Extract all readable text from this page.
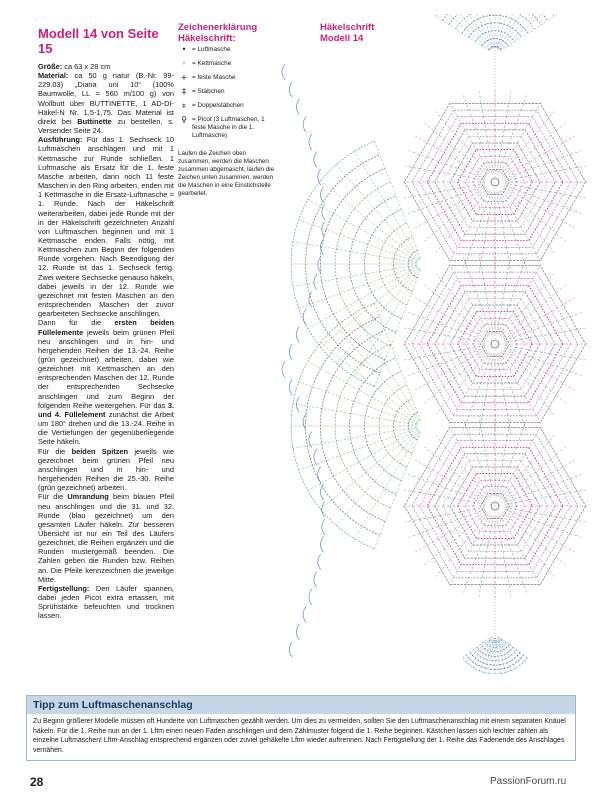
Modell 14 von Seite 15

Größe: ca 63 x 28 cm

Material: ca 50 g natur (B.-Nr. 99-229.03) „Diana uni 10“ (100% Baumwolle, LL = 560 m/100 g) von Wollbutt über BUTTINETTE, 1 AD-DI-Häkel-N Nr. 1,5-1,75. Das Material ist direkt bei Buttinette zu bestellen, s. Versender Seite 24.

Ausführung: Für das 1. Sechseck 10 Luftmaschen anschlagen und mit 1 Kettmasche zur Runde schließen. 1 Luftmasche als Ersatz für die 1. feste Masche arbeiten, dann noch 11 feste Maschen in den Ring arbeiten, enden mit 1 Kettmasche in die Ersatz-Luftmasche = 1. Runde. Nach der Häkelschrift weiterarbeiten, dabei jede Runde mit der in der Häkelschrift gezeichneten Anzahl von Luftmaschen beginnen und mit 1 Kettmasche enden. Falls nötig, mit Kettmaschen zum Beginn der folgenden Runde vorgehen. Nach Beendigung der 12. Runde ist das 1. Sechseck fertig. Zwei weitere Sechsecke genauso häkeln, dabei jeweils in der 12. Runde wie gezeichnet mit festen Maschen an den entsprechenden Maschen der zuvor gearbeiteten Sechsecke anschlingen.

Dann für die ersten beiden Füllelemente jeweils beim grünen Pfeil neu anschlingen und in hin- und hergehenden Reihen die 13.-24. Reihe (grün gezeichnet) arbeiten, dabei wie gezeichnet mit Kettmaschen an den entsprechenden Maschen der 12. Runde der entsprechenden Sechsecke anschlingen und zum Beginn der folgenden Reihe weitergehen. Für das 3. und 4. Füllelement zunächst die Arbeit um 180° drehen und die 13.-24. Reihe in die Vertiefungen der gegenüberliegende Seite häkeln.

Für die beiden Spitzen jeweils wie gezeichnet beim grünen Pfeil neu anschlingen und in hin- und hergehenden Reihen die 25.-30. Reihe (grün gezeichnet) arbeiten.

Für die Umrandung beim blauen Pfeil neu anschlingen und die 31. und 32. Runde (blau gezeichnet) um den gesamten Läufer häkeln. Zur besseren Übersicht ist nur ein Teil des Läufers gezeichnet, die Reihen ergänzen und die Runden mustergemäß beenden. Die Zahlen geben die Runden bzw. Reihen an. Die Pfeile kennzeichnen die jeweilige Mitte.

Fertigstellung: Den Läufer spannen, dabei jeden Picot extra ertassen, mit Sprühstärke befeuchten und trocknen lassen.

Zeichenerklärung
Häkelschrift:
• = Luftmasche
◦ = Kettmasche
+ = feste Masche
‡ = Stäbchen
⧧ = Doppelstäbchen
♀ = Picot (3 Luftmaschen, 1 feste Masche in die 1. Luftmasche)
Laufen die Zeichen oben zusammen, werden die Maschen zusammen abgemascht, laufen die Zeichen unten zusammen, werden die Maschen in eine Einstichstelle gearbeitet.
Häkelschrift
Modell 14
Tipp zum Luftmaschenanschlag
Zu Beginn größerer Modelle müssen oft Hunderte von Luftmaschen gezählt werden. Um dies zu vermeiden, sollten Sie den Luftmaschenanschlag mit einem separaten Knäuel häkeln. Für die 1. Reihe nun an der 1. Lftm einen neuen Faden anschlingen und dem Zählmuster folgend die 1. Reihe beginnen. Kästchen lassen sich leichter zählen als einzelne Luftmaschen! Lftm-Anschlag entsprechend ergänzen oder zuviel gehäkelte Lftm wieder auftrennen. Nach Fertigstellung der 1. Reihe das Fadenende des Anschlages vernähen.
28	PassionForum.ru
